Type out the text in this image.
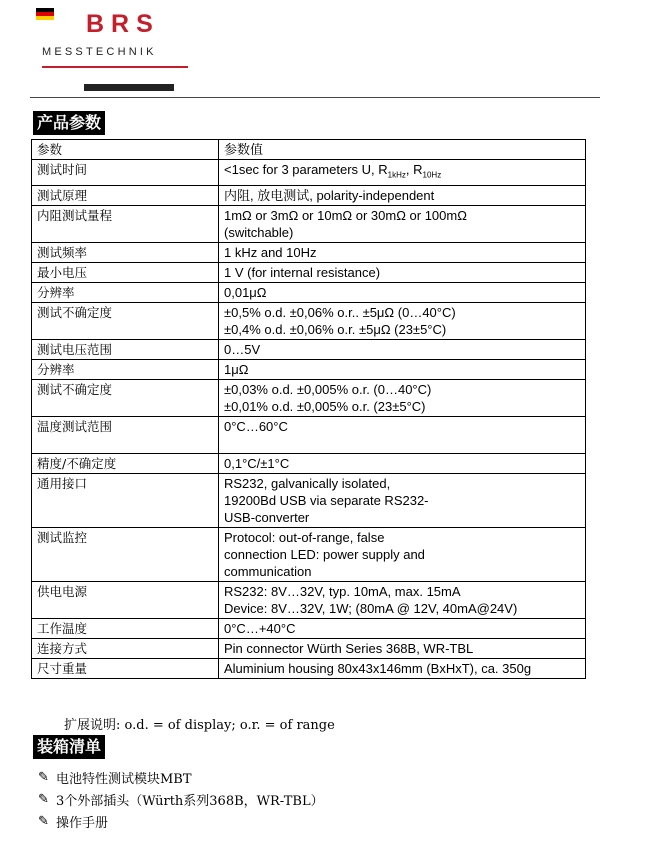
BRS
MESSTECHNIK
产品参数
参数	参数值
测试时间	<1sec for 3 parameters U, $R_{1kHz}$, $R_{10Hz}$

测试原理	内阻, 放电测试, polarity-independent

内阻测试量程	1mΩ or 3mΩ or 10mΩ or 30mΩ or 100mΩ
(switchable)

测试频率	1 kHz and 10Hz

最小电压	1 V (for internal resistance)

分辨率	0,01μΩ

测试不确定度	±0,5% o.d. ±0,06% o.r.. ±5μΩ (0…40°C)
±0,4% o.d. ±0,06% o.r. ±5μΩ (23±5°C)

测试电压范围	0…5V

分辨率	1μΩ

测试不确定度	±0,03% o.d. ±0,005% o.r. (0…40°C)
±0,01% o.d. ±0,005% o.r. (23±5°C)

温度测试范围	0°C…60°C

精度/不确定度	0,1°C/±1°C

通用接口	RS232, galvanically isolated,
19200Bd USB via separate RS232-
USB-converter

测试监控	Protocol: out-of-range, false
connection LED: power supply and
communication

供电电源	RS232: 8V…32V, typ. 10mA, max. 15mA
Device: 8V…32V, 1W; (80mA @ 12V, 40mA@24V)

工作温度	0°C…+40°C

连接方式	Pin connector Würth Series 368B, WR-TBL

尺寸重量	Aluminium housing 80x43x146mm (BxHxT), ca. 350g
扩展说明: o.d. = of display; o.r. = of range
装箱清单
✎ 电池特性测试模块MBT
✎ 3个外部插头（Würth系列368B，WR-TBL）
✎ 操作手册
